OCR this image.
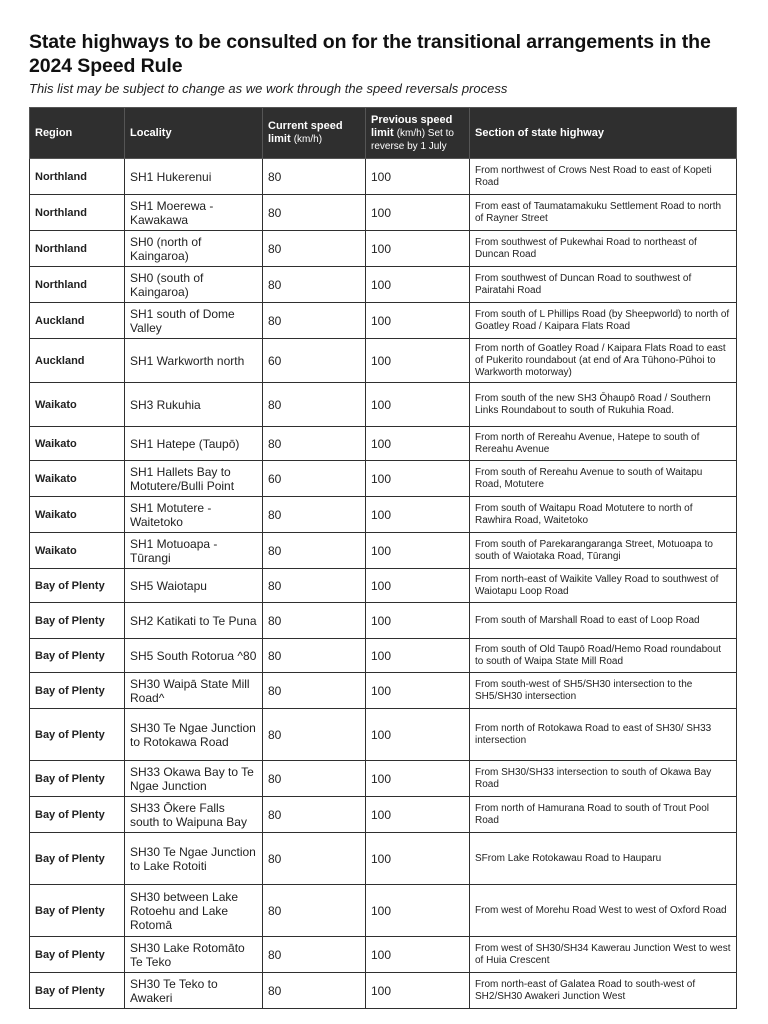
State highways to be consulted on for the transitional arrangements in the 2024 Speed Rule

This list may be subject to change as we work through the speed reversals process

Region	Locality	Current speed limit (km/h)	Previous speed limit (km/h) Set to reverse by 1 July	Section of state highway
Northland	SH1 Hukerenui	80	100	From northwest of Crows Nest Road to east of Kopeti Road
Northland	SH1 Moerewa - Kawakawa	80	100	From east of Taumatamakuku Settlement Road to north of Rayner Street
Northland	SH0 (north of Kaingaroa)	80	100	From southwest of Pukewhai Road to northeast of Duncan Road
Northland	SH0 (south of Kaingaroa)	80	100	From southwest of Duncan Road to southwest of Pairatahi Road
Auckland	SH1 south of Dome Valley	80	100	From south of L Phillips Road (by Sheepworld) to north of Goatley Road / Kaipara Flats Road
Auckland	SH1 Warkworth north	60	100	From north of Goatley Road / Kaipara Flats Road to east of Pukerito roundabout (at end of Ara Tūhono-Pūhoi to Warkworth motorway)
Waikato	SH3 Rukuhia	80	100	From south of the new SH3 Ōhaupō Road / Southern Links Roundabout to south of Rukuhia Road.
Waikato	SH1 Hatepe (Taupō)	80	100	From north of Rereahu Avenue, Hatepe to south of Rereahu Avenue
Waikato	SH1 Hallets Bay to Motutere/Bulli Point	60	100	From south of Rereahu Avenue to south of Waitapu Road, Motutere
Waikato	SH1 Motutere - Waitetoko	80	100	From south of Waitapu Road Motutere to north of Rawhira Road, Waitetoko
Waikato	SH1 Motuoapa - Tūrangi	80	100	From south of Parekarangaranga Street, Motuoapa to south of Waiotaka Road, Tūrangi
Bay of Plenty	SH5 Waiotapu	80	100	From north-east of Waikite Valley Road to southwest of Waiotapu Loop Road
Bay of Plenty	SH2 Katikati to Te Puna	80	100	From south of Marshall Road to east of Loop Road
Bay of Plenty	SH5 South Rotorua ^80	80	100	From south of Old Taupō Road/Hemo Road roundabout to south of Waipa State Mill Road
Bay of Plenty	SH30 Waipā State Mill Road^	80	100	From south-west of SH5/SH30 intersection to the SH5/SH30 intersection
Bay of Plenty	SH30 Te Ngae Junction to Rotokawa Road	80	100	From north of Rotokawa Road to east of SH30/ SH33 intersection
Bay of Plenty	SH33 Okawa Bay to Te Ngae Junction	80	100	From SH30/SH33 intersection to south of Okawa Bay Road
Bay of Plenty	SH33 Ōkere Falls south to Waipuna Bay	80	100	From north of Hamurana Road to south of Trout Pool Road
Bay of Plenty	SH30 Te Ngae Junction to Lake Rotoiti	80	100	SFrom Lake Rotokawau Road to Hauparu
Bay of Plenty	SH30 between Lake Rotoehu and Lake Rotomā	80	100	From west of Morehu Road West to west of Oxford Road
Bay of Plenty	SH30 Lake Rotomāto Te Teko	80	100	From west of SH30/SH34 Kawerau Junction West to west of Huia Crescent
Bay of Plenty	SH30 Te Teko to Awakeri	80	100	From north-east of Galatea Road to south-west of SH2/SH30 Awakeri Junction West
